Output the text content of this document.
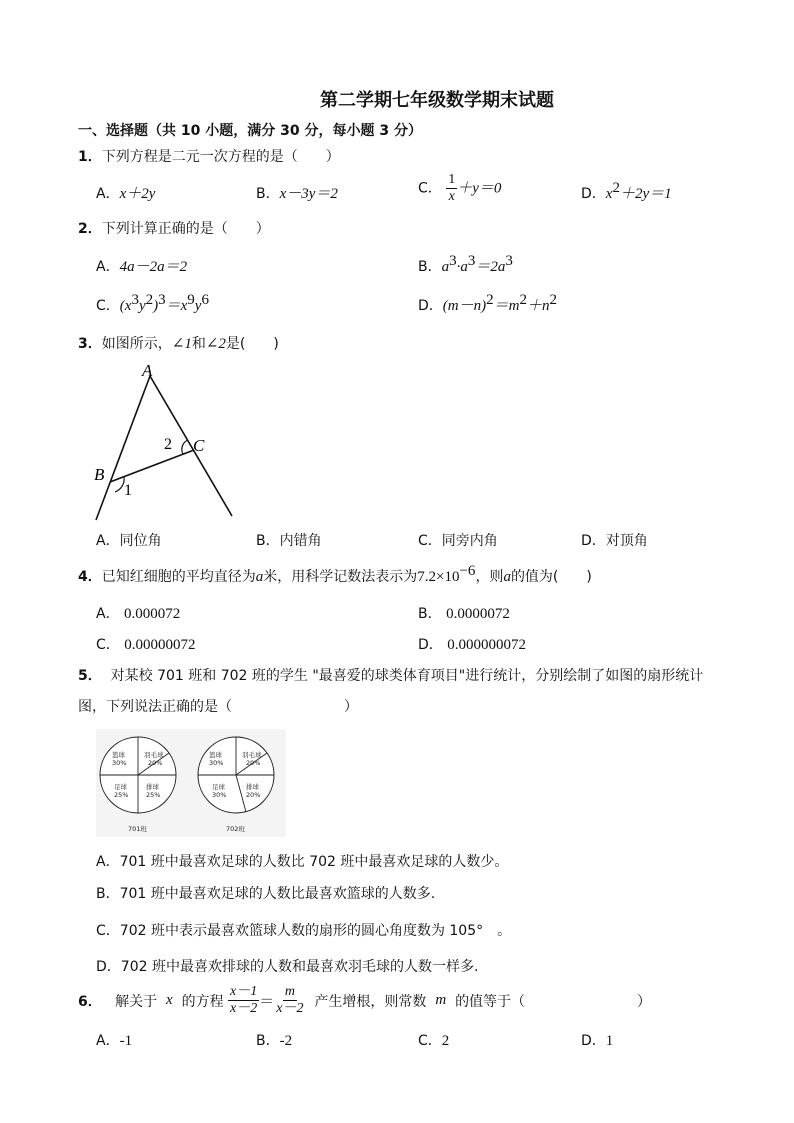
第二学期七年级数学期末试题
一、选择题（共 10 小题，满分 30 分，每小题 3 分）
1．下列方程是二元一次方程的是（　　）
A．x＋2y	B．x－3y＝2	C． $\frac{1}{x} +y=0$	D．$x^2+2y=1$
2．下列计算正确的是（　　）
A．4a－2a＝2	B．$a^3\cdot a^3=2a^3$
C．$(x^3y^2)^3=x^9y^6$	D．$(m-n)^2=m^2+n^2$
3．如图所示，∠1和∠2是(　　)
A
B
C
1
2
A．同位角	B．内错角	C．同旁内角	D．对顶角
4．已知红细胞的平均直径为a米，用科学记数法表示为$7.2\times 10^{-6}$，则a的值为(　　)
A． 0.000072	B． 0.0000072
C． 0.00000072	D． 0.000000072
5． 对某校 701 班和 702 班的学生 "最喜爱的球类体育项目"进行统计，分别绘制了如图的扇形统计
图，下列说法正确的是（　　　　　　　　）
篮球
30%
羽毛球
20%
排球
25%
足球
25%
701班
篮球
30%
羽毛球
20%
排球
20%
足球
30%
702班
A．701 班中最喜欢足球的人数比 702 班中最喜欢足球的人数少。
B．701 班中最喜欢足球的人数比最喜欢篮球的人数多.
C．702 班中表示最喜欢篮球人数的扇形的圆心角度数为 105°　。
D．702 班中最喜欢排球的人数和最喜欢羽毛球的人数一样多.
6．
解关于
x
的方程
$\frac{x-1}{x-2} = \frac{m}{x-2}$
产生增根，则常数
m
的值等于（　　　　　　　　）
A．-1	B．-2	C．2	D．1
